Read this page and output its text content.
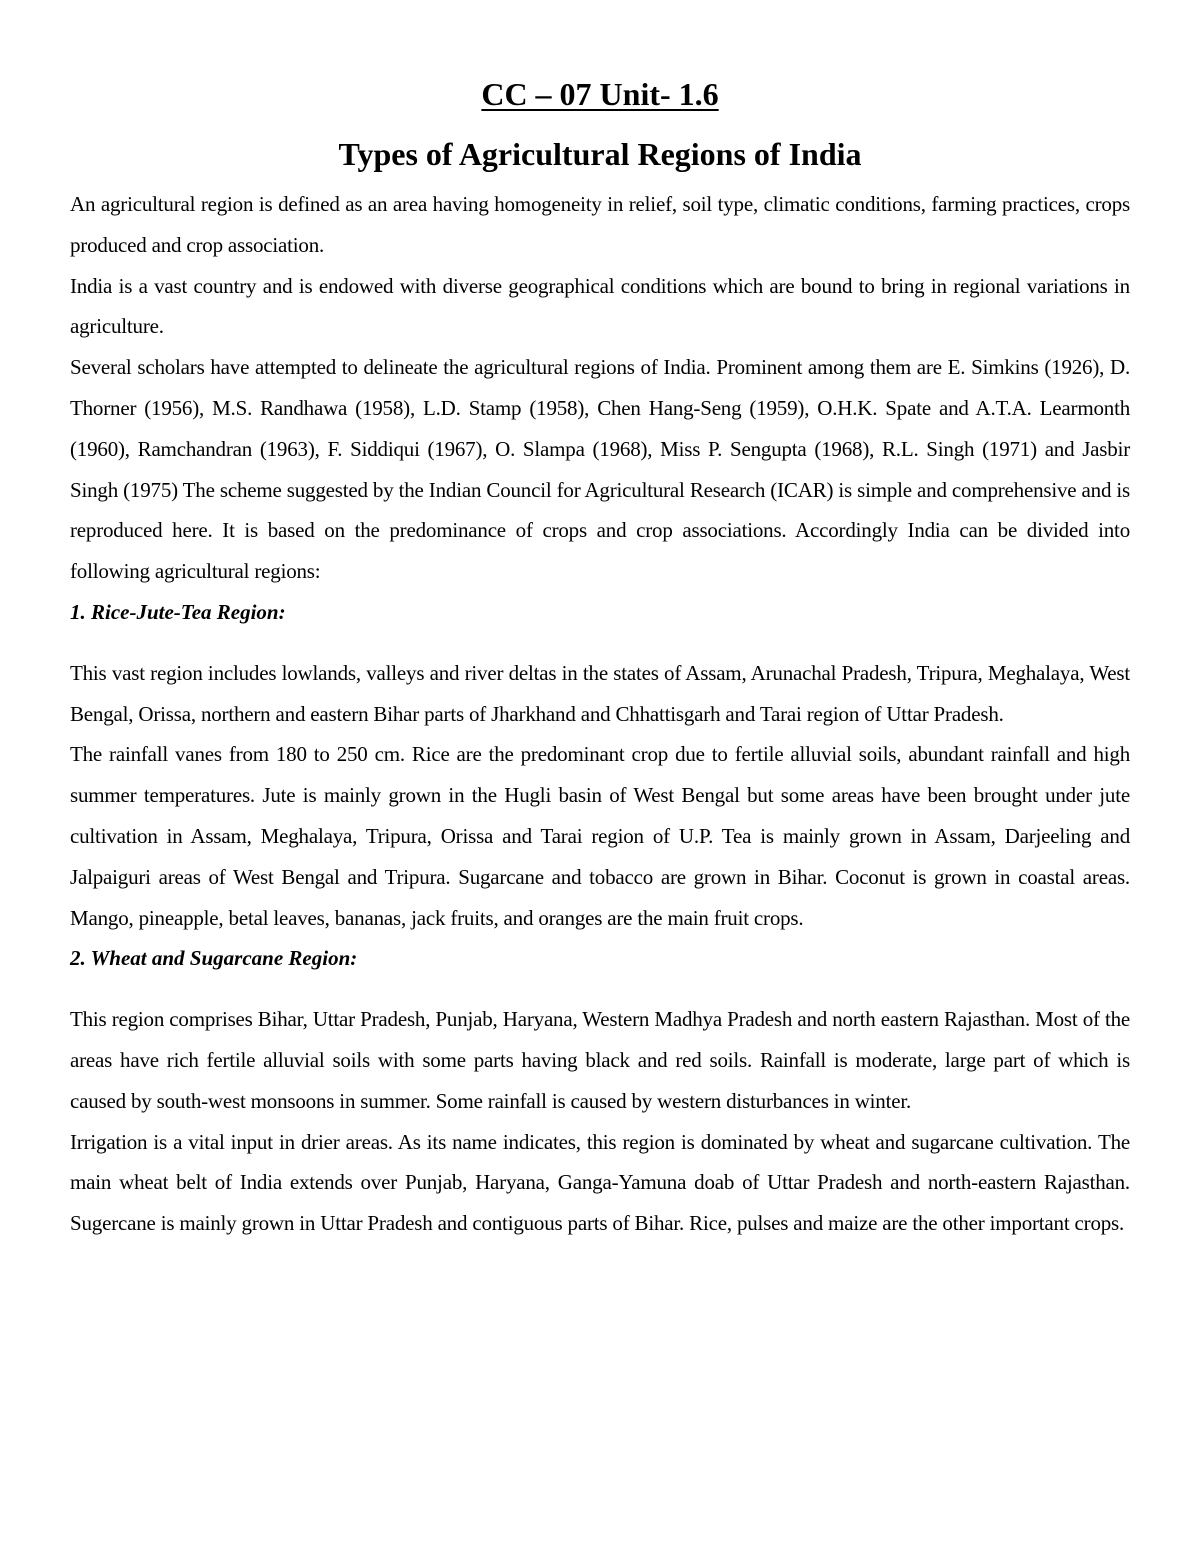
CC – 07 Unit- 1.6
Types of Agricultural Regions of India

An agricultural region is defined as an area having homogeneity in relief, soil type, climatic conditions, farming practices, crops produced and crop association.

India is a vast country and is endowed with diverse geographical conditions which are bound to bring in regional variations in agriculture.

Several scholars have attempted to delineate the agricultural regions of India. Prominent among them are E. Simkins (1926), D. Thorner (1956), M.S. Randhawa (1958), L.D. Stamp (1958), Chen Hang-Seng (1959), O.H.K. Spate and A.T.A. Learmonth (1960), Ramchandran (1963), F. Siddiqui (1967), O. Slampa (1968), Miss P. Sengupta (1968), R.L. Singh (1971) and Jasbir Singh (1975) The scheme suggested by the Indian Council for Agricultural Research (ICAR) is simple and comprehensive and is reproduced here. It is based on the predominance of crops and crop associations. Accordingly India can be divided into following agricultural regions:

1. Rice-Jute-Tea Region:

This vast region includes lowlands, valleys and river deltas in the states of Assam, Arunachal Pradesh, Tripura, Meghalaya, West Bengal, Orissa, northern and eastern Bihar parts of Jharkhand and Chhattisgarh and Tarai region of Uttar Pradesh.

The rainfall vanes from 180 to 250 cm. Rice are the predominant crop due to fertile alluvial soils, abundant rainfall and high summer temperatures. Jute is mainly grown in the Hugli basin of West Bengal but some areas have been brought under jute cultivation in Assam, Meghalaya, Tripura, Orissa and Tarai region of U.P. Tea is mainly grown in Assam, Darjeeling and Jalpaiguri areas of West Bengal and Tripura. Sugarcane and tobacco are grown in Bihar. Coconut is grown in coastal areas. Mango, pineapple, betal leaves, bananas, jack fruits, and oranges are the main fruit crops.

2. Wheat and Sugarcane Region:

This region comprises Bihar, Uttar Pradesh, Punjab, Haryana, Western Madhya Pradesh and north eastern Rajasthan. Most of the areas have rich fertile alluvial soils with some parts having black and red soils. Rainfall is moderate, large part of which is caused by south-west monsoons in summer. Some rainfall is caused by western disturbances in winter.

Irrigation is a vital input in drier areas. As its name indicates, this region is dominated by wheat and sugarcane cultivation. The main wheat belt of India extends over Punjab, Haryana, Ganga-Yamuna doab of Uttar Pradesh and north-eastern Rajasthan. Sugercane is mainly grown in Uttar Pradesh and contiguous parts of Bihar. Rice, pulses and maize are the other important crops.
